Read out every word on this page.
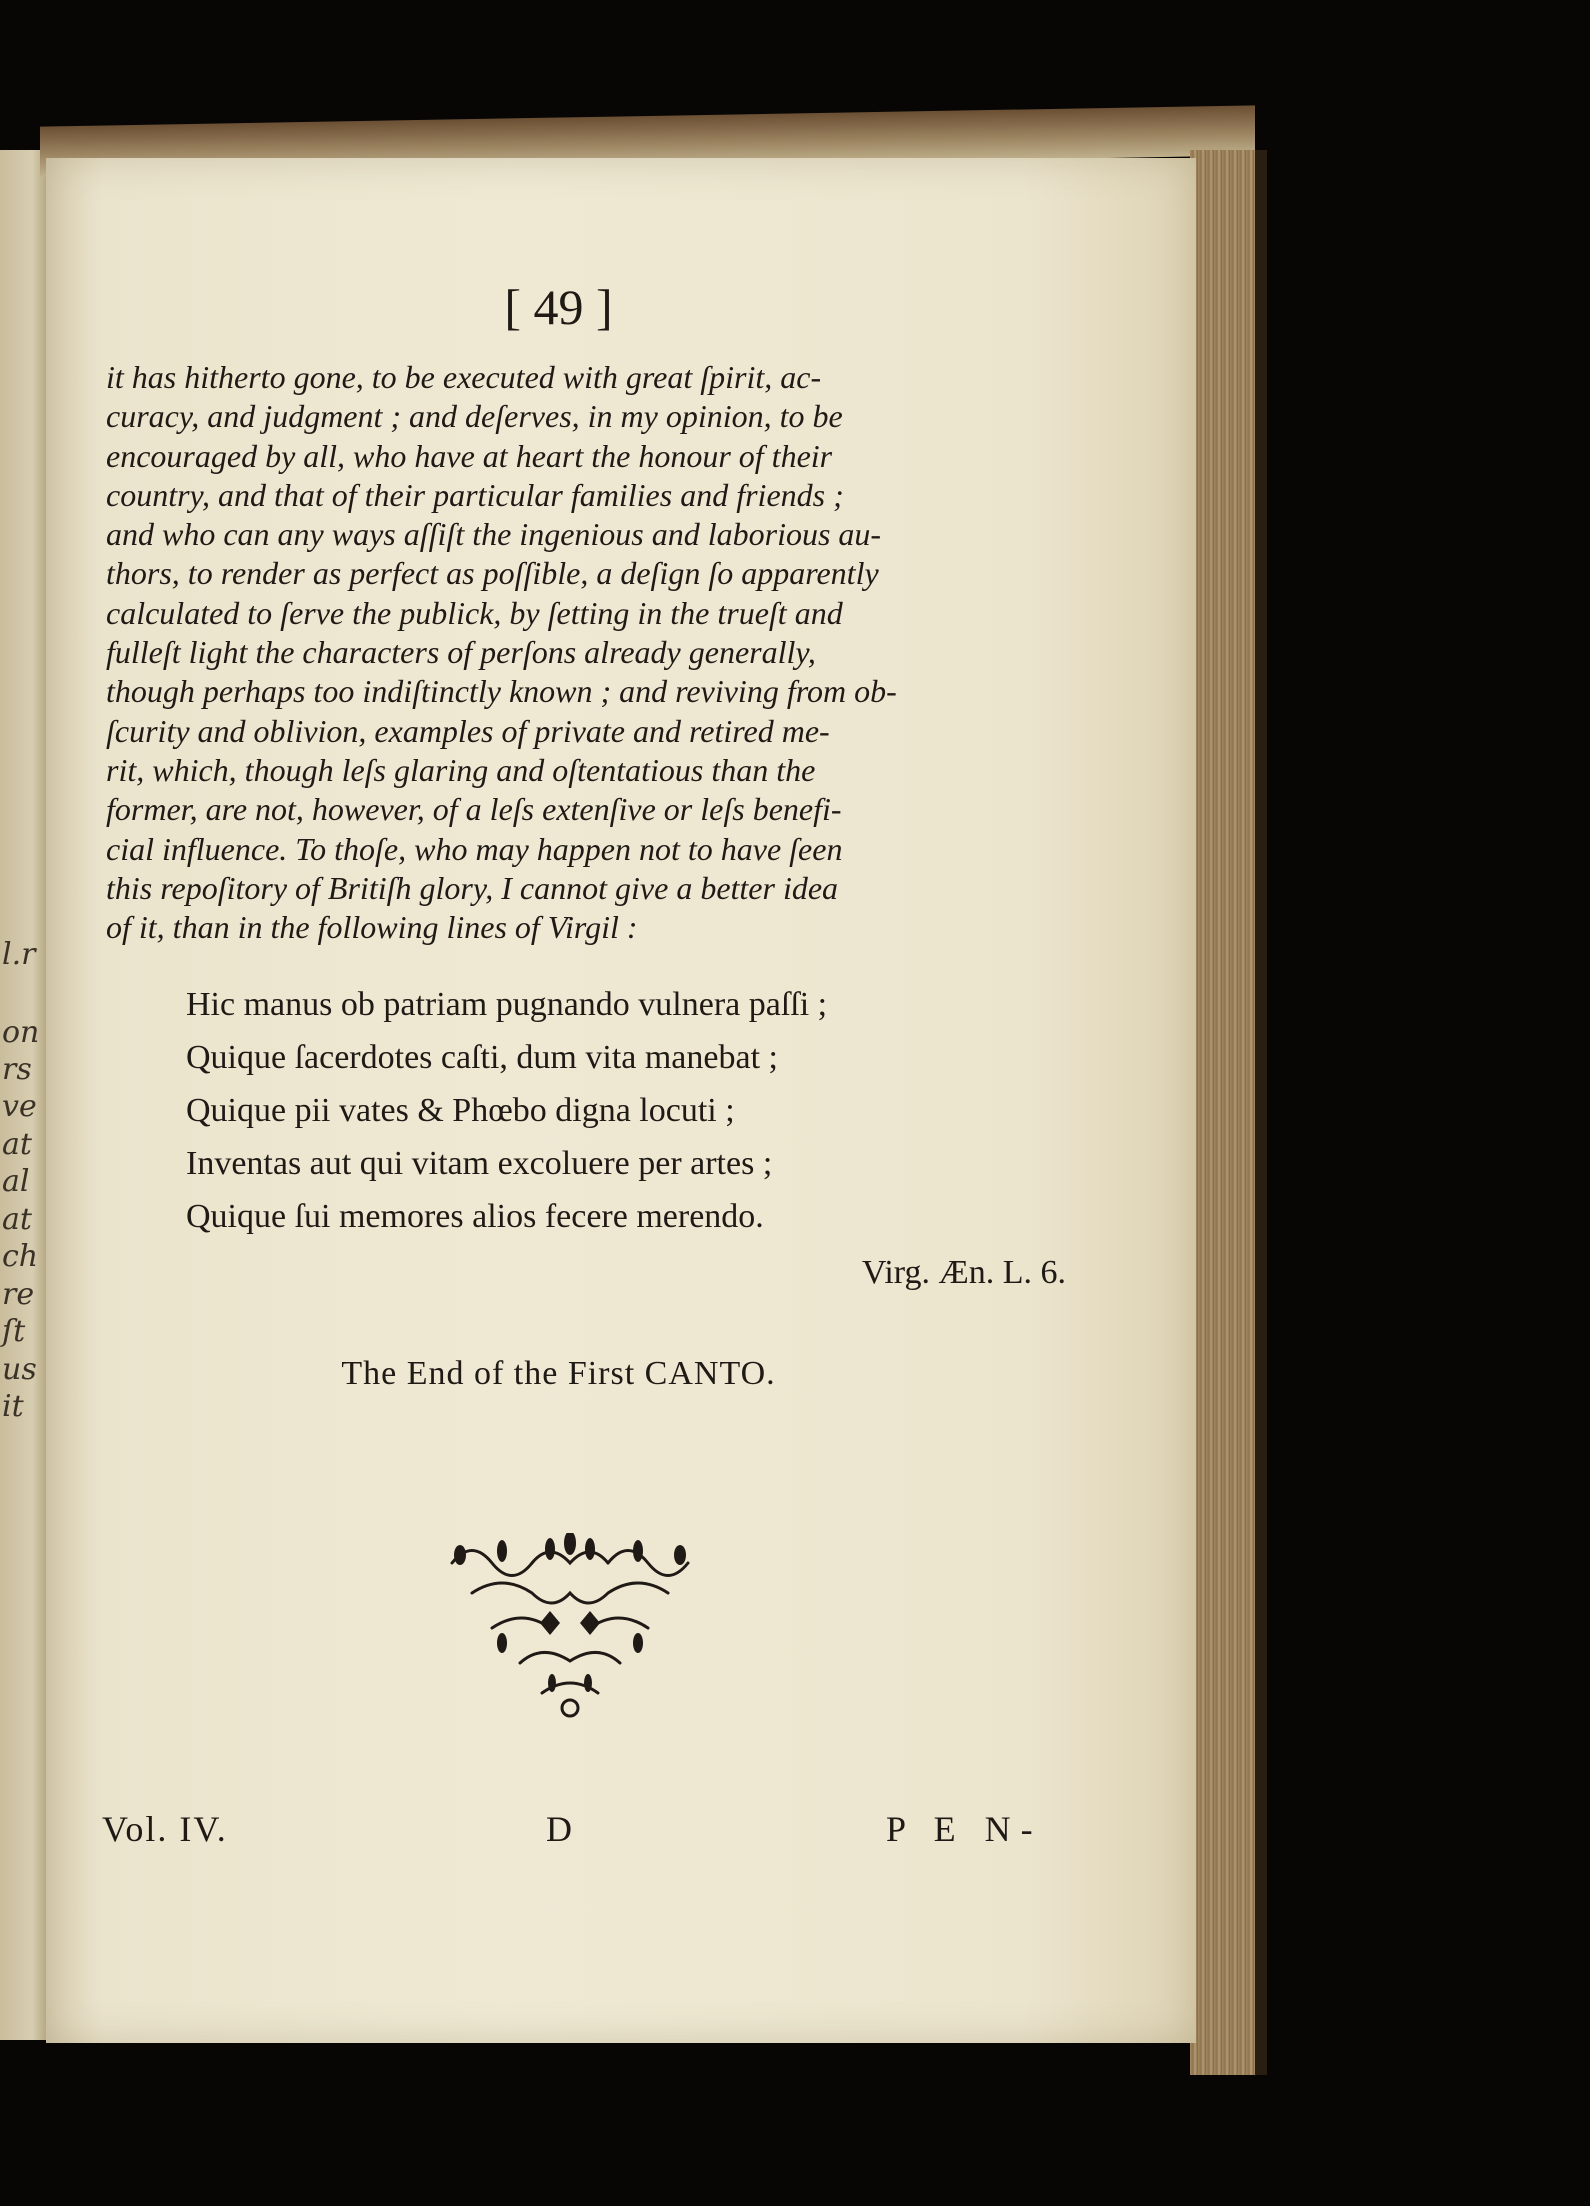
l.r
on
rs
ve
at
al
at
ch
re
ſt
us
it
[ 49 ]
it has hitherto gone, to be executed with great ſpirit, ac-
curacy, and judgment ; and deſerves, in my opinion, to be
encouraged by all, who have at heart the honour of their
country, and that of their particular families and friends ;
and who can any ways aſſiſt the ingenious and laborious au-
thors, to render as perfect as poſſible, a deſign ſo apparently
calculated to ſerve the publick, by ſetting in the trueſt and
fulleſt light the characters of perſons already generally,
though perhaps too indiſtinctly known ; and reviving from ob-
ſcurity and oblivion, examples of private and retired me-
rit, which, though leſs glaring and oſtentatious than the
former, are not, however, of a leſs extenſive or leſs benefi-
cial influence. To thoſe, who may happen not to have ſeen
this repoſitory of Britiſh glory, I cannot give a better idea
of it, than in the following lines of Virgil :
Hic manus ob patriam pugnando vulnera paſſi ;
Quique ſacerdotes caſti, dum vita manebat ;
Quique pii vates & Phœbo digna locuti ;
Inventas aut qui vitam excoluere per artes ;
Quique ſui memores alios fecere merendo.
Virg. Æn. L. 6.
The End of the First CANTO.
Vol. IV.	D	P E N-
